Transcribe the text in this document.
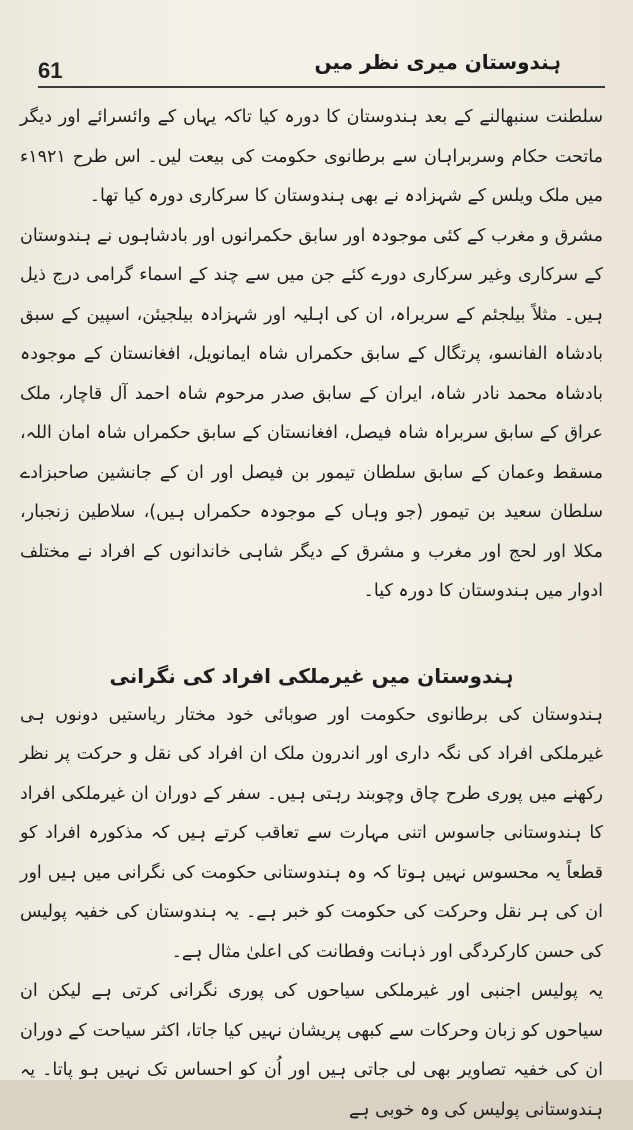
61	ہندوستان میری نظر میں

سلطنت سنبھالنے کے بعد ہندوستان کا دورہ کیا تاکہ یہاں کے وائسرائے اور دیگر ماتحت حکام وسربراہان سے برطانوی حکومت کی بیعت لیں۔ اس طرح ۱۹۲۱ء میں ملک ویلس کے شہزادہ نے بھی ہندوستان کا سرکاری دورہ کیا تھا۔

مشرق و مغرب کے کئی موجودہ اور سابق حکمرانوں اور بادشاہوں نے ہندوستان کے سرکاری وغیر سرکاری دورے کئے جن میں سے چند کے اسماء گرامی درج ذیل ہیں۔ مثلاً بیلجئم کے سربراہ، ان کی اہلیہ اور شہزادہ بیلجیئن، اسپین کے سبق بادشاہ الفانسو، پرتگال کے سابق حکمراں شاہ ایمانویل، افغانستان کے موجودہ بادشاہ محمد نادر شاہ، ایران کے سابق صدر مرحوم شاہ احمد آل قاچار، ملک عراق کے سابق سربراہ شاہ فیصل، افغانستان کے سابق حکمراں شاہ امان اللہ، مسقط وعمان کے سابق سلطان تیمور بن فیصل اور ان کے جانشین صاحبزادے سلطان سعید بن تیمور (جو وہاں کے موجودہ حکمراں ہیں)، سلاطین زنجبار، مکلا اور لحج اور مغرب و مشرق کے دیگر شاہی خاندانوں کے افراد نے مختلف ادوار میں ہندوستان کا دورہ کیا۔

ہندوستان میں غیرملکی افراد کی نگرانی

ہندوستان کی برطانوی حکومت اور صوبائی خود مختار ریاستیں دونوں ہی غیرملکی افراد کی نگہ داری اور اندرون ملک ان افراد کی نقل و حرکت پر نظر رکھنے میں پوری طرح چاق وچوبند رہتی ہیں۔ سفر کے دوران ان غیرملکی افراد کا ہندوستانی جاسوس اتنی مہارت سے تعاقب کرتے ہیں کہ مذکورہ افراد کو قطعاً یہ محسوس نہیں ہوتا کہ وہ ہندوستانی حکومت کی نگرانی میں ہیں اور ان کی ہر نقل وحرکت کی حکومت کو خبر ہے۔ یہ ہندوستان کی خفیہ پولیس کی حسن کارکردگی اور ذہانت وفطانت کی اعلیٰ مثال ہے۔

یہ پولیس اجنبی اور غیرملکی سیاحوں کی پوری نگرانی کرتی ہے لیکن ان سیاحوں کو زبان وحرکات سے کبھی پریشان نہیں کیا جاتا، اکثر سیاحت کے دوران ان کی خفیہ تصاویر بھی لی جاتی ہیں اور اُن کو احساس تک نہیں ہو پاتا۔ یہ ہندوستانی پولیس کی وہ خوبی ہے
